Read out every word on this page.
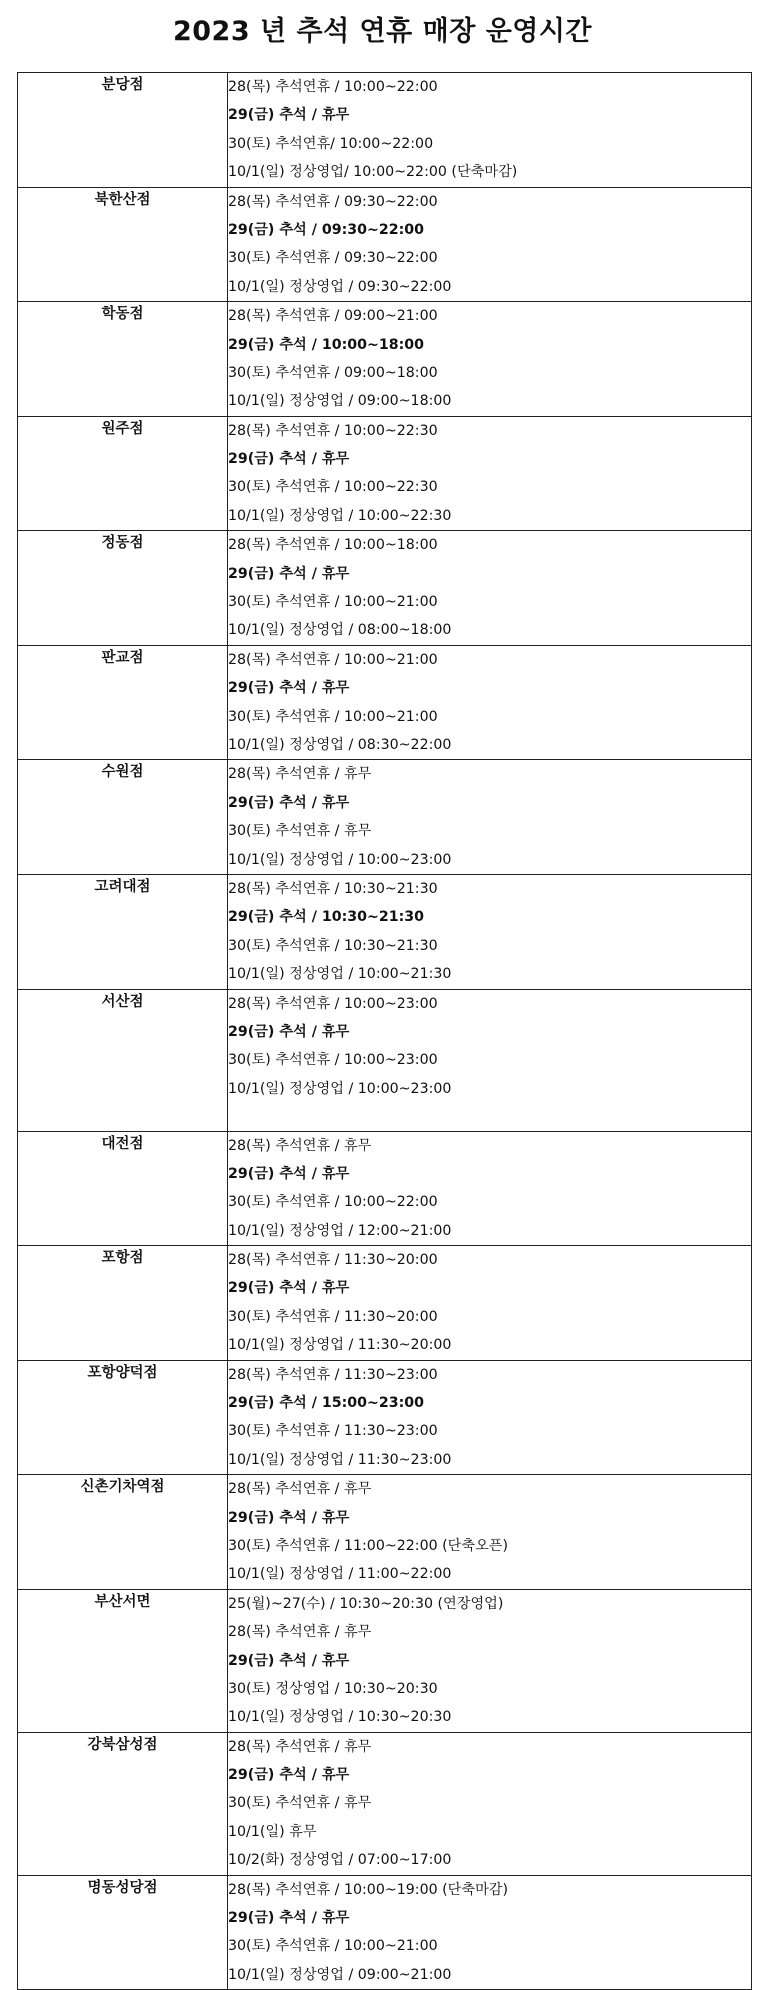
2023 년 추석 연휴 매장 운영시간
분당점	28(목) 추석연휴 / 10:00~22:00
29(금) 추석 / 휴무
30(토) 추석연휴/ 10:00~22:00
10/1(일) 정상영업/ 10:00~22:00 (단축마감)

북한산점	28(목) 추석연휴 / 09:30~22:00
29(금) 추석 / 09:30~22:00
30(토) 추석연휴 / 09:30~22:00
10/1(일) 정상영업 / 09:30~22:00

학동점	28(목) 추석연휴 / 09:00~21:00
29(금) 추석 / 10:00~18:00
30(토) 추석연휴 / 09:00~18:00
10/1(일) 정상영업 / 09:00~18:00

원주점	28(목) 추석연휴 / 10:00~22:30
29(금) 추석 / 휴무
30(토) 추석연휴 / 10:00~22:30
10/1(일) 정상영업 / 10:00~22:30

정동점	28(목) 추석연휴 / 10:00~18:00
29(금) 추석 / 휴무
30(토) 추석연휴 / 10:00~21:00
10/1(일) 정상영업 / 08:00~18:00

판교점	28(목) 추석연휴 / 10:00~21:00
29(금) 추석 / 휴무
30(토) 추석연휴 / 10:00~21:00
10/1(일) 정상영업 / 08:30~22:00

수원점	28(목) 추석연휴 / 휴무
29(금) 추석 / 휴무
30(토) 추석연휴 / 휴무
10/1(일) 정상영업 / 10:00~23:00

고려대점	28(목) 추석연휴 / 10:30~21:30
29(금) 추석 / 10:30~21:30
30(토) 추석연휴 / 10:30~21:30
10/1(일) 정상영업 / 10:00~21:30

서산점	28(목) 추석연휴 / 10:00~23:00
29(금) 추석 / 휴무
30(토) 추석연휴 / 10:00~23:00
10/1(일) 정상영업 / 10:00~23:00

대전점	28(목) 추석연휴 / 휴무
29(금) 추석 / 휴무
30(토) 추석연휴 / 10:00~22:00
10/1(일) 정상영업 / 12:00~21:00

포항점	28(목) 추석연휴 / 11:30~20:00
29(금) 추석 / 휴무
30(토) 추석연휴 / 11:30~20:00
10/1(일) 정상영업 / 11:30~20:00

포항양덕점	28(목) 추석연휴 / 11:30~23:00
29(금) 추석 / 15:00~23:00
30(토) 추석연휴 / 11:30~23:00
10/1(일) 정상영업 / 11:30~23:00

신촌기차역점	28(목) 추석연휴 / 휴무
29(금) 추석 / 휴무
30(토) 추석연휴 / 11:00~22:00 (단축오픈)
10/1(일) 정상영업 / 11:00~22:00

부산서면	25(월)~27(수) / 10:30~20:30 (연장영업)
28(목) 추석연휴 / 휴무
29(금) 추석 / 휴무
30(토) 정상영업 / 10:30~20:30
10/1(일) 정상영업 / 10:30~20:30

강북삼성점	28(목) 추석연휴 / 휴무
29(금) 추석 / 휴무
30(토) 추석연휴 / 휴무
10/1(일) 휴무
10/2(화) 정상영업 / 07:00~17:00

명동성당점	28(목) 추석연휴 / 10:00~19:00 (단축마감)
29(금) 추석 / 휴무
30(토) 추석연휴 / 10:00~21:00
10/1(일) 정상영업 / 09:00~21:00
